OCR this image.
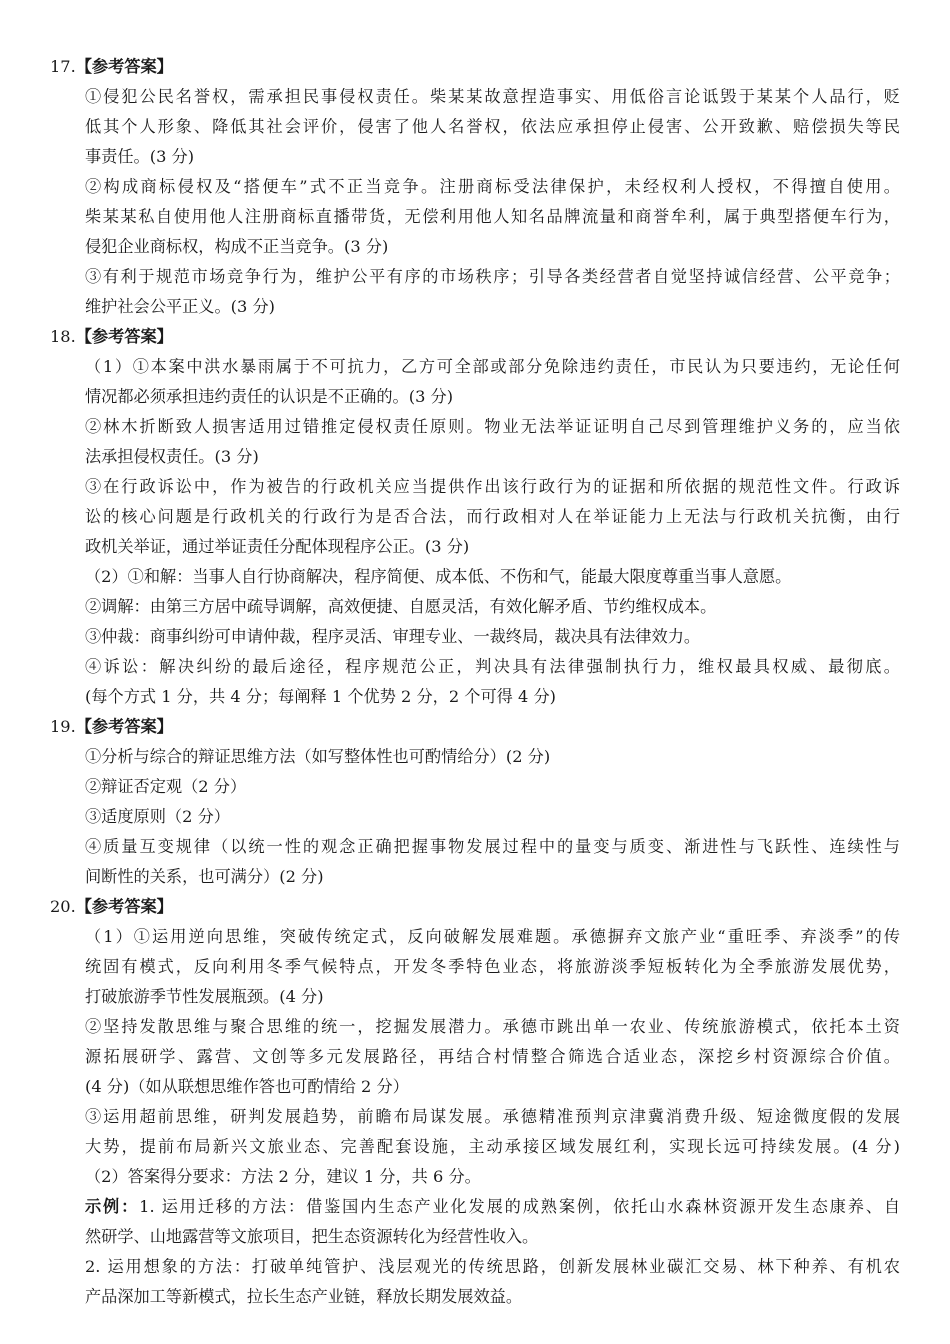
17.【参考答案】
①侵犯公民名誉权，需承担民事侵权责任。柴某某故意捏造事实、用低俗言论诋毁于某某个人品行，贬
低其个人形象、降低其社会评价，侵害了他人名誉权，依法应承担停止侵害、公开致歉、赔偿损失等民
事责任。(3 分)
②构成商标侵权及“搭便车”式不正当竞争。注册商标受法律保护，未经权利人授权，不得擅自使用。
柴某某私自使用他人注册商标直播带货，无偿利用他人知名品牌流量和商誉牟利，属于典型搭便车行为，
侵犯企业商标权，构成不正当竞争。(3 分)
③有利于规范市场竞争行为，维护公平有序的市场秩序；引导各类经营者自觉坚持诚信经营、公平竞争；
维护社会公平正义。(3 分)
18.【参考答案】
（1）①本案中洪水暴雨属于不可抗力，乙方可全部或部分免除违约责任，市民认为只要违约，无论任何
情况都必须承担违约责任的认识是不正确的。(3 分)
②林木折断致人损害适用过错推定侵权责任原则。物业无法举证证明自己尽到管理维护义务的，应当依
法承担侵权责任。(3 分)
③在行政诉讼中，作为被告的行政机关应当提供作出该行政行为的证据和所依据的规范性文件。行政诉
讼的核心问题是行政机关的行政行为是否合法，而行政相对人在举证能力上无法与行政机关抗衡，由行
政机关举证，通过举证责任分配体现程序公正。(3 分)
（2）①和解：当事人自行协商解决，程序简便、成本低、不伤和气，能最大限度尊重当事人意愿。
②调解：由第三方居中疏导调解，高效便捷、自愿灵活，有效化解矛盾、节约维权成本。
③仲裁：商事纠纷可申请仲裁，程序灵活、审理专业、一裁终局，裁决具有法律效力。
④诉讼：解决纠纷的最后途径，程序规范公正，判决具有法律强制执行力，维权最具权威、最彻底。
(每个方式 1 分，共 4 分；每阐释 1 个优势 2 分，2 个可得 4 分)
19.【参考答案】
①分析与综合的辩证思维方法（如写整体性也可酌情给分）(2 分)
②辩证否定观（2 分）
③适度原则（2 分）
④质量互变规律（以统一性的观念正确把握事物发展过程中的量变与质变、渐进性与飞跃性、连续性与
间断性的关系，也可满分）(2 分)
20.【参考答案】
（1）①运用逆向思维，突破传统定式，反向破解发展难题。承德摒弃文旅产业“重旺季、弃淡季”的传
统固有模式，反向利用冬季气候特点，开发冬季特色业态，将旅游淡季短板转化为全季旅游发展优势，
打破旅游季节性发展瓶颈。(4 分)
②坚持发散思维与聚合思维的统一，挖掘发展潜力。承德市跳出单一农业、传统旅游模式，依托本土资
源拓展研学、露营、文创等多元发展路径，再结合村情整合筛选合适业态，深挖乡村资源综合价值。
(4 分)（如从联想思维作答也可酌情给 2 分）
③运用超前思维，研判发展趋势，前瞻布局谋发展。承德精准预判京津冀消费升级、短途微度假的发展
大势，提前布局新兴文旅业态、完善配套设施，主动承接区域发展红利，实现长远可持续发展。(4 分)
（2）答案得分要求：方法 2 分，建议 1 分，共 6 分。
示例：1. 运用迁移的方法：借鉴国内生态产业化发展的成熟案例，依托山水森林资源开发生态康养、自
然研学、山地露营等文旅项目，把生态资源转化为经营性收入。
2. 运用想象的方法：打破单纯管护、浅层观光的传统思路，创新发展林业碳汇交易、林下种养、有机农
产品深加工等新模式，拉长生态产业链，释放长期发展效益。
